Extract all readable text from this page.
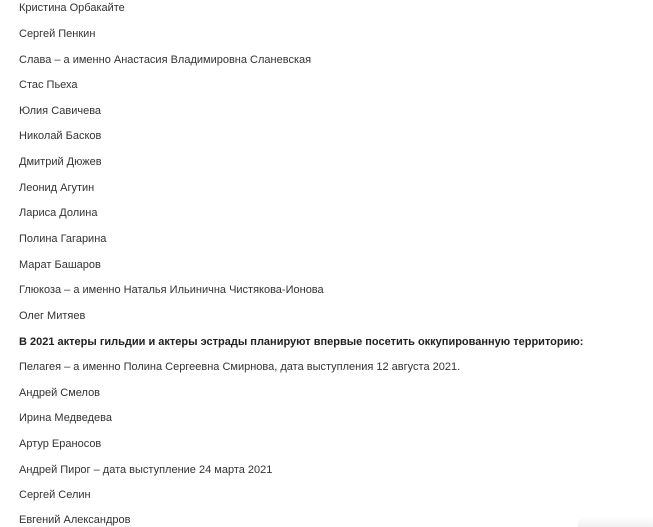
Кристина Орбакайте
Сергей Пенкин
Слава – а именно Анастасия Владимировна Сланевская
Стас Пьеха
Юлия Савичева
Николай Басков
Дмитрий Дюжев
Леонид Агутин
Лариса Долина
Полина Гагарина
Марат Башаров
Глюкоза – а именно Наталья Ильинична Чистякова-Ионова
Олег Митяев
В 2021 актеры гильдии и актеры эстрады планируют впервые посетить оккупированную территорию:
Пелагея – а именно Полина Сергеевна Смирнова, дата выступления 12 августа 2021.
Андрей Смелов
Ирина Медведева
Артур Ераносов
Андрей Пирог – дата выступление 24 марта 2021
Сергей Селин
Евгений Александров
